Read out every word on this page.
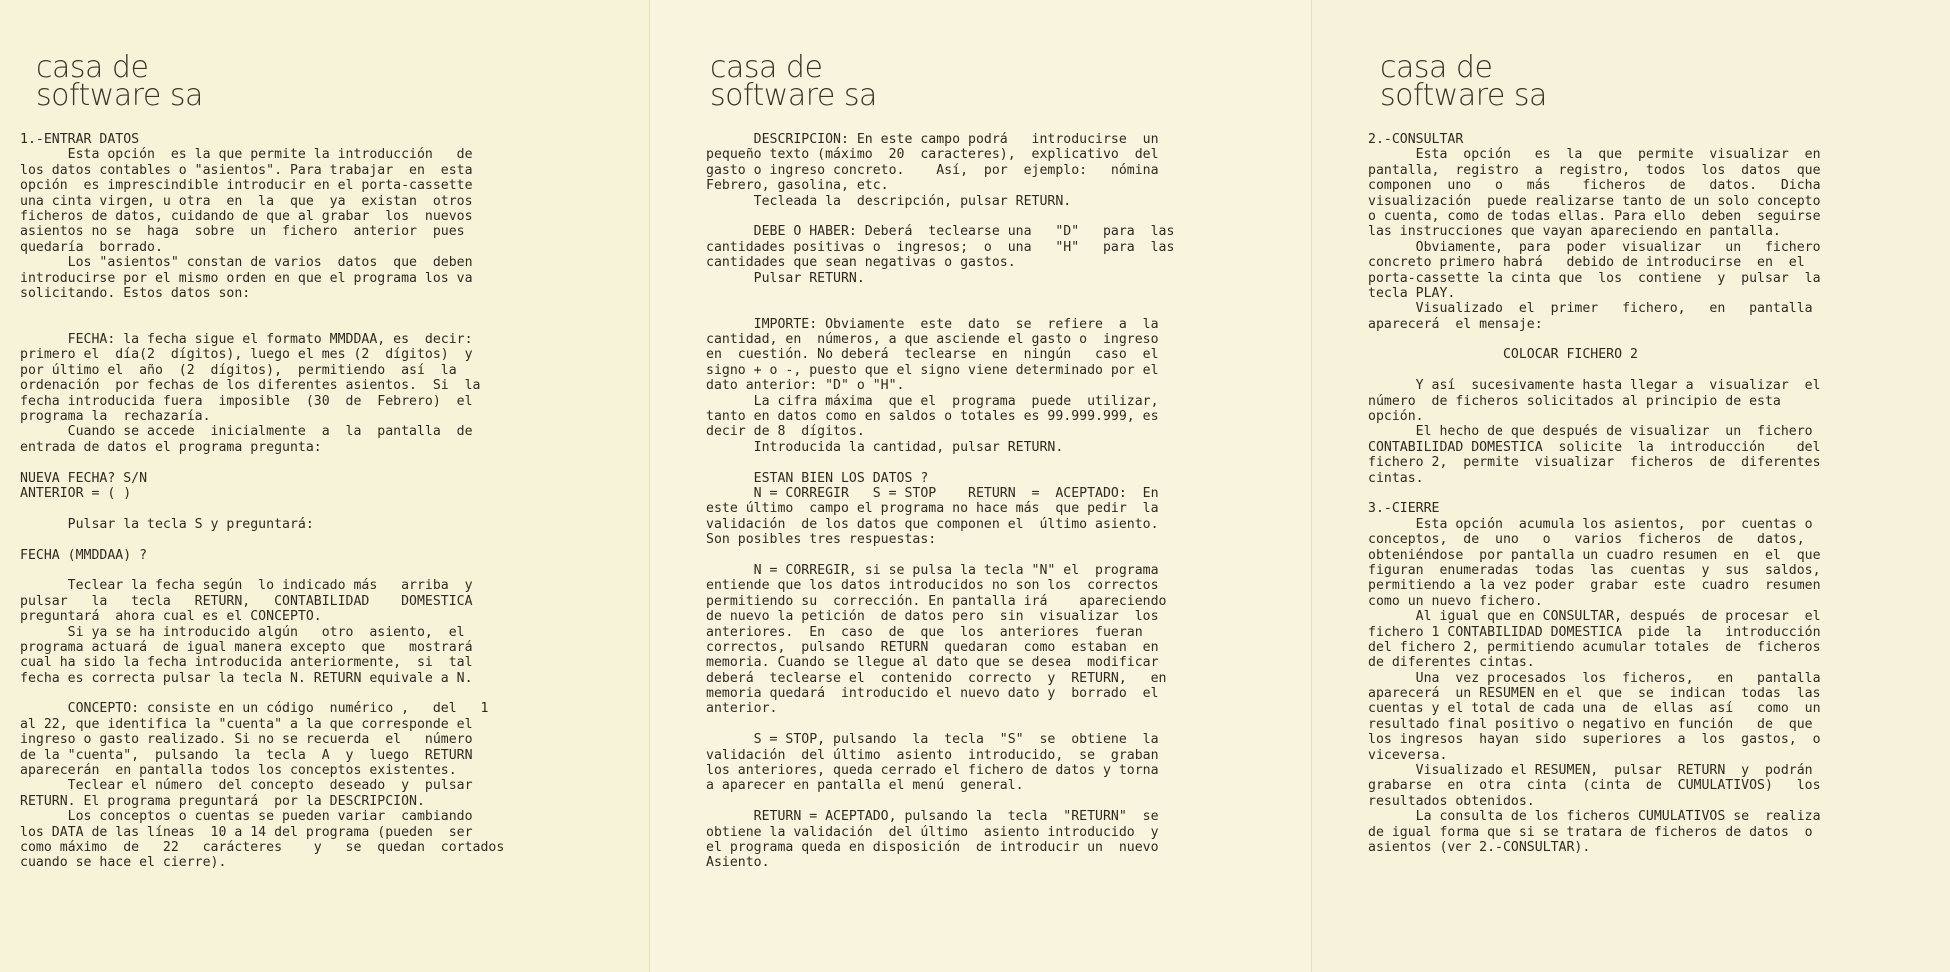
casa de
software sa
1.-ENTRAR DATOS
Esta opción  es la que permite la introducción   de
los datos contables o "asientos". Para trabajar  en  esta
opción  es imprescindible introducir en el porta-cassette
una cinta virgen, u otra  en  la  que  ya  existan  otros
ficheros de datos, cuidando de que al grabar  los  nuevos
asientos no se  haga  sobre  un  fichero  anterior  pues
quedaría  borrado.
Los "asientos" constan de varios  datos  que  deben
introducirse por el mismo orden en que el programa los va
solicitando. Estos datos son:
FECHA: la fecha sigue el formato MMDDAA, es  decir:
primero el  día(2  dígitos), luego el mes (2  dígitos)  y
por último el  año  (2  dígitos),  permitiendo  así  la
ordenación  por fechas de los diferentes asientos.  Si  la
fecha introducida fuera  imposible  (30  de  Febrero)  el
programa la  rechazaría.
Cuando se accede  inicialmente  a  la  pantalla  de
entrada de datos el programa pregunta:
NUEVA FECHA? S/N
ANTERIOR = ( )
Pulsar la tecla S y preguntará:
FECHA (MMDDAA) ?
Teclear la fecha según  lo indicado más   arriba  y
pulsar   la   tecla   RETURN,   CONTABILIDAD    DOMESTICA
preguntará  ahora cual es el CONCEPTO.
Si ya se ha introducido algún   otro  asiento,  el
programa actuará  de igual manera excepto  que   mostrará
cual ha sido la fecha introducida anteriormente,  si  tal
fecha es correcta pulsar la tecla N. RETURN equivale a N.
CONCEPTO: consiste en un código  numérico ,   del   1
al 22, que identifica la "cuenta" a la que corresponde el
ingreso o gasto realizado. Si no se recuerda  el   número
de la "cuenta",  pulsando  la  tecla  A  y  luego  RETURN
aparecerán  en pantalla todos los conceptos existentes.
Teclear el número  del concepto  deseado  y  pulsar
RETURN. El programa preguntará  por la DESCRIPCION.
Los conceptos o cuentas se pueden variar  cambiando
los DATA de las líneas  10 a 14 del programa (pueden  ser
como máximo  de   22   carácteres    y   se  quedan  cortados
cuando se hace el cierre).
casa de
software sa
DESCRIPCION: En este campo podrá   introducirse  un
pequeño texto (máximo  20  caracteres),  explicativo  del
gasto o ingreso concreto.    Así,  por  ejemplo:   nómina
Febrero, gasolina, etc.
Tecleada la  descripción, pulsar RETURN.
DEBE O HABER: Deberá  teclearse una   "D"   para  las
cantidades positivas o  ingresos;  o  una   "H"   para  las
cantidades que sean negativas o gastos.
Pulsar RETURN.
IMPORTE: Obviamente  este  dato  se  refiere  a  la
cantidad, en  números, a que asciende el gasto o  ingreso
en  cuestión. No deberá  teclearse  en  ningún   caso  el
signo + o -, puesto que el signo viene determinado por el
dato anterior: "D" o "H".
La cifra máxima  que el  programa  puede  utilizar,
tanto en datos como en saldos o totales es 99.999.999, es
decir de 8  dígitos.
Introducida la cantidad, pulsar RETURN.
ESTAN BIEN LOS DATOS ?
N = CORREGIR   S = STOP    RETURN  =  ACEPTADO:  En
este último  campo el programa no hace más  que pedir  la
validación  de los datos que componen el  último asiento.
Son posibles tres respuestas:
N = CORREGIR, si se pulsa la tecla "N" el  programa
entiende que los datos introducidos no son los  correctos
permitiendo su  corrección. En pantalla irá    apareciendo
de nuevo la petición  de datos pero  sin  visualizar  los
anteriores.  En  caso  de  que  los  anteriores  fueran
correctos,  pulsando  RETURN  quedaran  como  estaban  en
memoria. Cuando se llegue al dato que se desea  modificar
deberá  teclearse el  contenido  correcto  y  RETURN,   en
memoria quedará  introducido el nuevo dato y  borrado  el
anterior.
S = STOP, pulsando  la  tecla  "S"  se  obtiene  la
validación  del último  asiento  introducido,  se  graban
los anteriores, queda cerrado el fichero de datos y torna
a aparecer en pantalla el menú  general.
RETURN = ACEPTADO, pulsando la  tecla  "RETURN"  se
obtiene la validación  del último  asiento introducido  y
el programa queda en disposición  de introducir un  nuevo
Asiento.
casa de
software sa
2.-CONSULTAR
Esta  opción   es  la  que  permite  visualizar  en
pantalla,  registro  a  registro,  todos  los  datos  que
componen  uno   o   más    ficheros   de   datos.   Dicha
visualización  puede realizarse tanto de un solo concepto
o cuenta, como de todas ellas. Para ello  deben  seguirse
las instrucciones que vayan apareciendo en pantalla.
Obviamente,  para  poder  visualizar   un   fichero
concreto primero habrá   debido de introducirse  en  el
porta-cassette la cinta que  los  contiene  y  pulsar  la
tecla PLAY.
Visualizado  el  primer   fichero,   en   pantalla
aparecerá  el mensaje:
COLOCAR FICHERO 2
Y así  sucesivamente hasta llegar a  visualizar  el
número  de ficheros solicitados al principio de esta
opción.
El hecho de que después de visualizar  un  fichero
CONTABILIDAD DOMESTICA  solicite  la  introducción    del
fichero 2,  permite  visualizar  ficheros  de  diferentes
cintas.
3.-CIERRE
Esta opción  acumula los asientos,  por  cuentas o
conceptos,  de  uno   o   varios  ficheros  de   datos,
obteniéndose  por pantalla un cuadro resumen  en  el  que
figuran  enumeradas  todas  las  cuentas  y  sus  saldos,
permitiendo a la vez poder  grabar  este  cuadro  resumen
como un nuevo fichero.
Al igual que en CONSULTAR, después  de procesar  el
fichero 1 CONTABILIDAD DOMESTICA  pide  la   introducción
del fichero 2, permitiendo acumular totales  de  ficheros
de diferentes cintas.
Una  vez procesados  los  ficheros,   en   pantalla
aparecerá  un RESUMEN en el  que  se  indican  todas  las
cuentas y el total de cada una  de  ellas  así   como  un
resultado final positivo o negativo en función   de  que
los ingresos  hayan  sido  superiores  a  los  gastos,  o
viceversa.
Visualizado el RESUMEN,  pulsar  RETURN  y  podrán
grabarse  en  otra  cinta  (cinta  de  CUMULATIVOS)   los
resultados obtenidos.
La consulta de los ficheros CUMULATIVOS se  realiza
de igual forma que si se tratara de ficheros de datos  o
asientos (ver 2.-CONSULTAR).
